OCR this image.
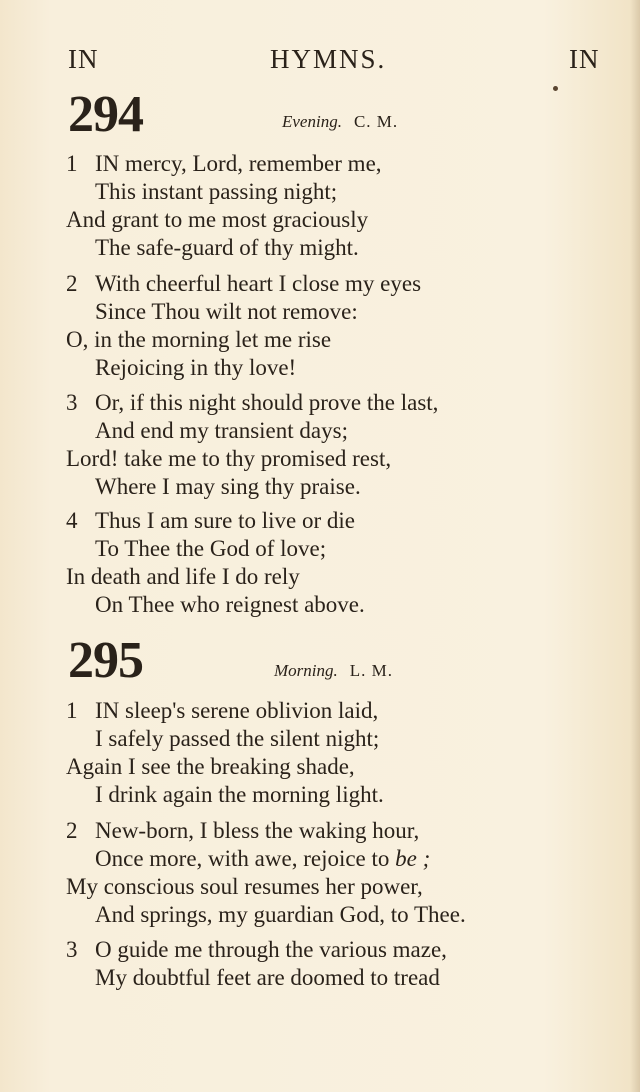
IN	HYMNS.	IN
294	Evening. C. M.
1 IN mercy, Lord, remember me,
This instant passing night;
And grant to me most graciously
The safe-guard of thy might.
2 With cheerful heart I close my eyes
Since Thou wilt not remove:
O, in the morning let me rise
Rejoicing in thy love!
3 Or, if this night should prove the last,
And end my transient days;
Lord! take me to thy promised rest,
Where I may sing thy praise.
4 Thus I am sure to live or die
To Thee the God of love;
In death and life I do rely
On Thee who reignest above.
295	Morning. L. M.
1 IN sleep's serene oblivion laid,
I safely passed the silent night;
Again I see the breaking shade,
I drink again the morning light.
2 New-born, I bless the waking hour,
Once more, with awe, rejoice to be ;
My conscious soul resumes her power,
And springs, my guardian God, to Thee.
3 O guide me through the various maze,
My doubtful feet are doomed to tread
